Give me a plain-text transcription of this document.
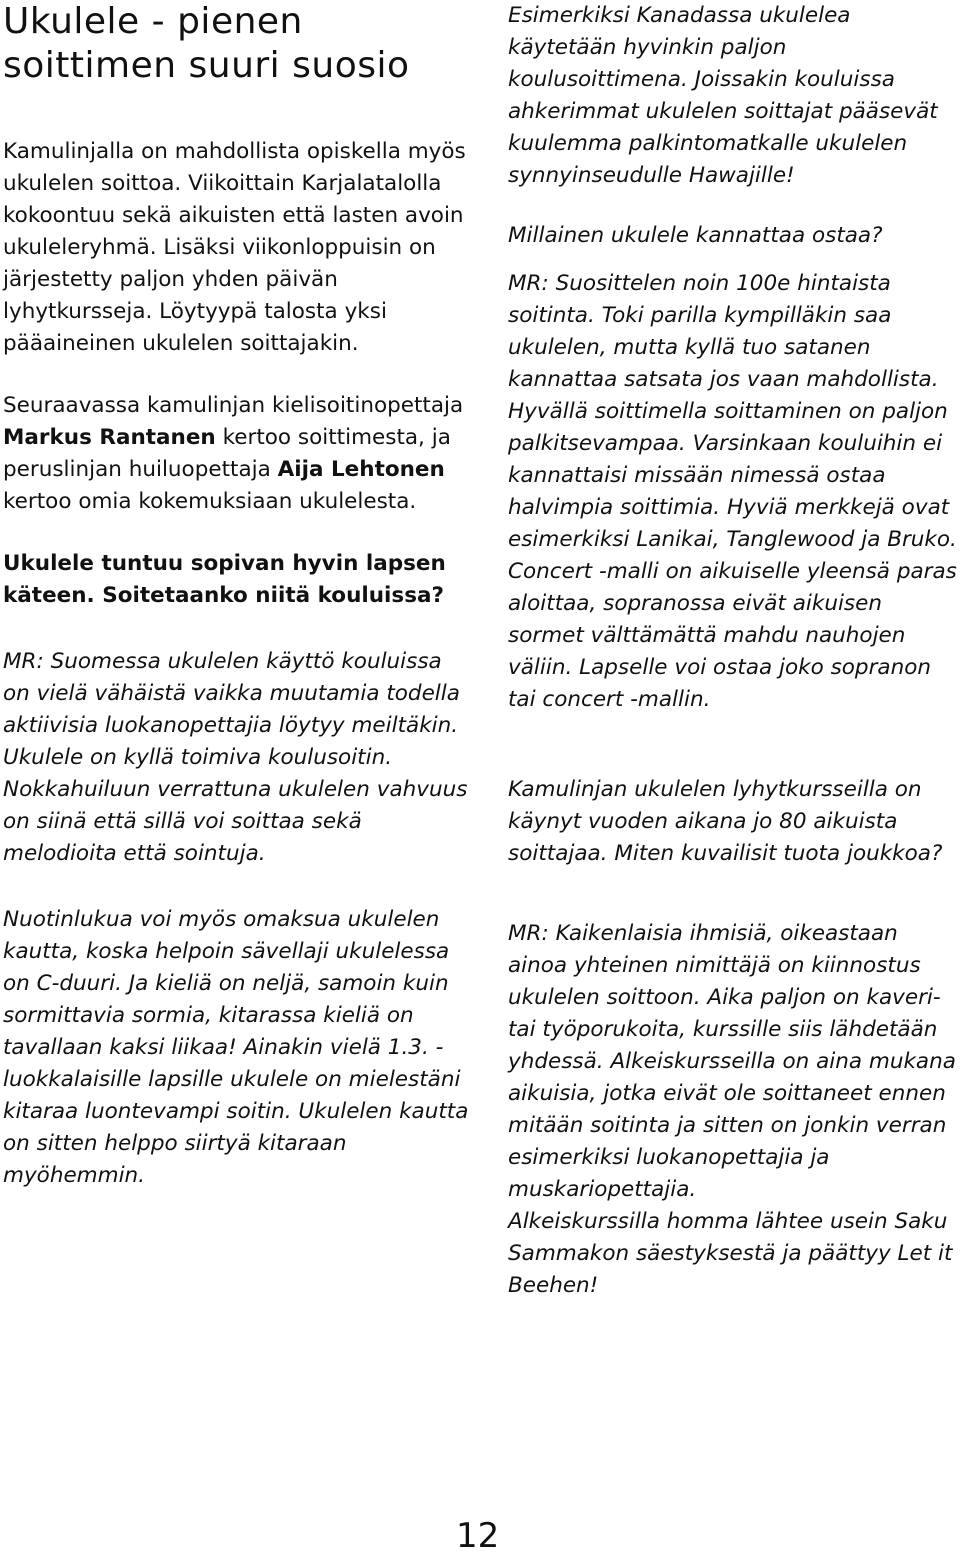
Ukulele - pienen
soittimen suuri suosio

Kamulinjalla on mahdollista opiskella myös ukulelen soittoa. Viikoittain Karjalatalolla kokoontuu sekä aikuisten että lasten avoin ukuleleryhmä. Lisäksi viikonloppuisin on järjestetty paljon yhden päivän lyhytkursseja. Löytyypä talosta yksi pääaineinen ukulelen soittajakin.

Seuraavassa kamulinjan kielisoitinopettaja Markus Rantanen kertoo soittimesta, ja peruslinjan huiluopettaja Aija Lehtonen kertoo omia kokemuksiaan ukulelesta.

Ukulele tuntuu sopivan hyvin lapsen käteen. Soitetaanko niitä kouluissa?

MR: Suomessa ukulelen käyttö kouluissa on vielä vähäistä vaikka muutamia todella aktiivisia luokanopettajia löytyy meiltäkin. Ukulele on kyllä toimiva koulusoitin. Nokkahuiluun verrattuna ukulelen vahvuus on siinä että sillä voi soittaa sekä melodioita että sointuja.

Nuotinlukua voi myös omaksua ukulelen kautta, koska helpoin sävellaji ukulelessa on C-duuri. Ja kieliä on neljä, samoin kuin sormittavia sormia, kitarassa kieliä on tavallaan kaksi liikaa! Ainakin vielä 1.3. -luokkalaisille lapsille ukulele on mielestäni kitaraa luontevampi soitin. Ukulelen kautta on sitten helppo siirtyä kitaraan myöhemmin.

Esimerkiksi Kanadassa ukulelea käytetään hyvinkin paljon koulusoittimena. Joissakin kouluissa ahkerimmat ukulelen soittajat pääsevät kuulemma palkintomatkalle ukulelen synnyinseudulle Hawajille!

Millainen ukulele kannattaa ostaa?

MR: Suosittelen noin 100e hintaista soitinta. Toki parilla kympilläkin saa ukulelen, mutta kyllä tuo satanen kannattaa satsata jos vaan mahdollista. Hyvällä soittimella soittaminen on paljon palkitsevampaa. Varsinkaan kouluihin ei kannattaisi missään nimessä ostaa halvimpia soittimia. Hyviä merkkejä ovat esimerkiksi Lanikai, Tanglewood ja Bruko. Concert -malli on aikuiselle yleensä paras aloittaa, sopranossa eivät aikuisen sormet välttämättä mahdu nauhojen väliin. Lapselle voi ostaa joko sopranon tai concert -mallin.

Kamulinjan ukulelen lyhytkursseilla on käynyt vuoden aikana jo 80 aikuista soittajaa. Miten kuvailisit tuota joukkoa?

MR: Kaikenlaisia ihmisiä, oikeastaan ainoa yhteinen nimittäjä on kiinnostus ukulelen soittoon. Aika paljon on kaveri- tai työporukoita, kurssille siis lähdetään yhdessä. Alkeiskursseilla on aina mukana aikuisia, jotka eivät ole soittaneet ennen mitään soitinta ja sitten on jonkin verran esimerkiksi luokanopettajia ja muskariopettajia.

Alkeiskurssilla homma lähtee usein Saku Sammakon säestyksestä ja päättyy Let it Beehen!

12
